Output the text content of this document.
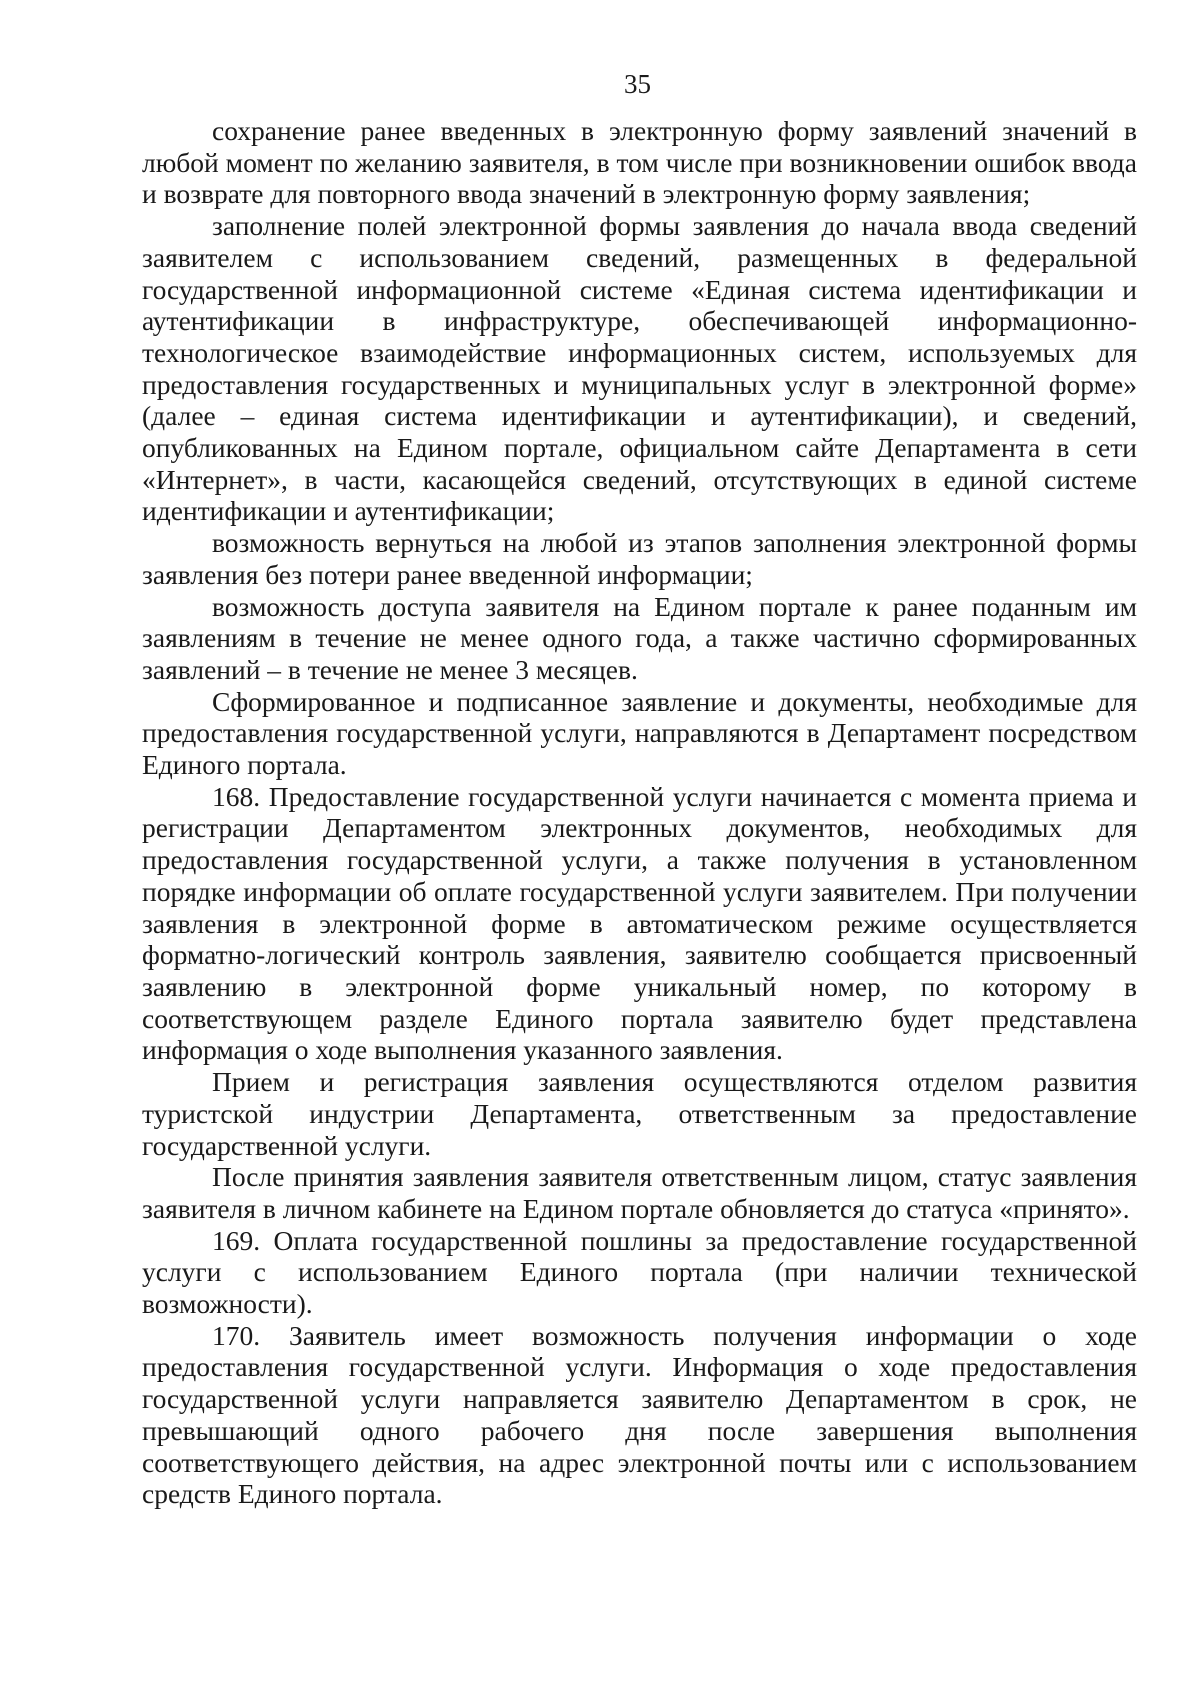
35

сохранение ранее введенных в электронную форму заявлений значений в любой момент по желанию заявителя, в том числе при возникновении ошибок ввода и возврате для повторного ввода значений в электронную форму заявления;

заполнение полей электронной формы заявления до начала ввода сведений заявителем с использованием сведений, размещенных в федеральной государственной информационной системе «Единая система идентификации и аутентификации в инфраструктуре, обеспечивающей информационно-технологическое взаимодействие информационных систем, используемых для предоставления государственных и муниципальных услуг в электронной форме» (далее – единая система идентификации и аутентификации), и сведений, опубликованных на Едином портале, официальном сайте Департамента в сети «Интернет», в части, касающейся сведений, отсутствующих в единой системе идентификации и аутентификации;

возможность вернуться на любой из этапов заполнения электронной формы заявления без потери ранее введенной информации;

возможность доступа заявителя на Едином портале к ранее поданным им заявлениям в течение не менее одного года, а также частично сформированных заявлений – в течение не менее 3 месяцев.

Сформированное и подписанное заявление и документы, необходимые для предоставления государственной услуги, направляются в Департамент посредством Единого портала.

168. Предоставление государственной услуги начинается с момента приема и регистрации Департаментом электронных документов, необходимых для предоставления государственной услуги, а также получения в установленном порядке информации об оплате государственной услуги заявителем. При получении заявления в электронной форме в автоматическом режиме осуществляется форматно-логический контроль заявления, заявителю сообщается присвоенный заявлению в электронной форме уникальный номер, по которому в соответствующем разделе Единого портала заявителю будет представлена информация о ходе выполнения указанного заявления.

Прием и регистрация заявления осуществляются отделом развития туристской индустрии Департамента, ответственным за предоставление государственной услуги.

После принятия заявления заявителя ответственным лицом, статус заявления заявителя в личном кабинете на Едином портале обновляется до статуса «принято».

169. Оплата государственной пошлины за предоставление государственной услуги с использованием Единого портала (при наличии технической возможности).

170. Заявитель имеет возможность получения информации о ходе предоставления государственной услуги. Информация о ходе предоставления государственной услуги направляется заявителю Департаментом в срок, не превышающий одного рабочего дня после завершения выполнения соответствующего действия, на адрес электронной почты или с использованием средств Единого портала.
